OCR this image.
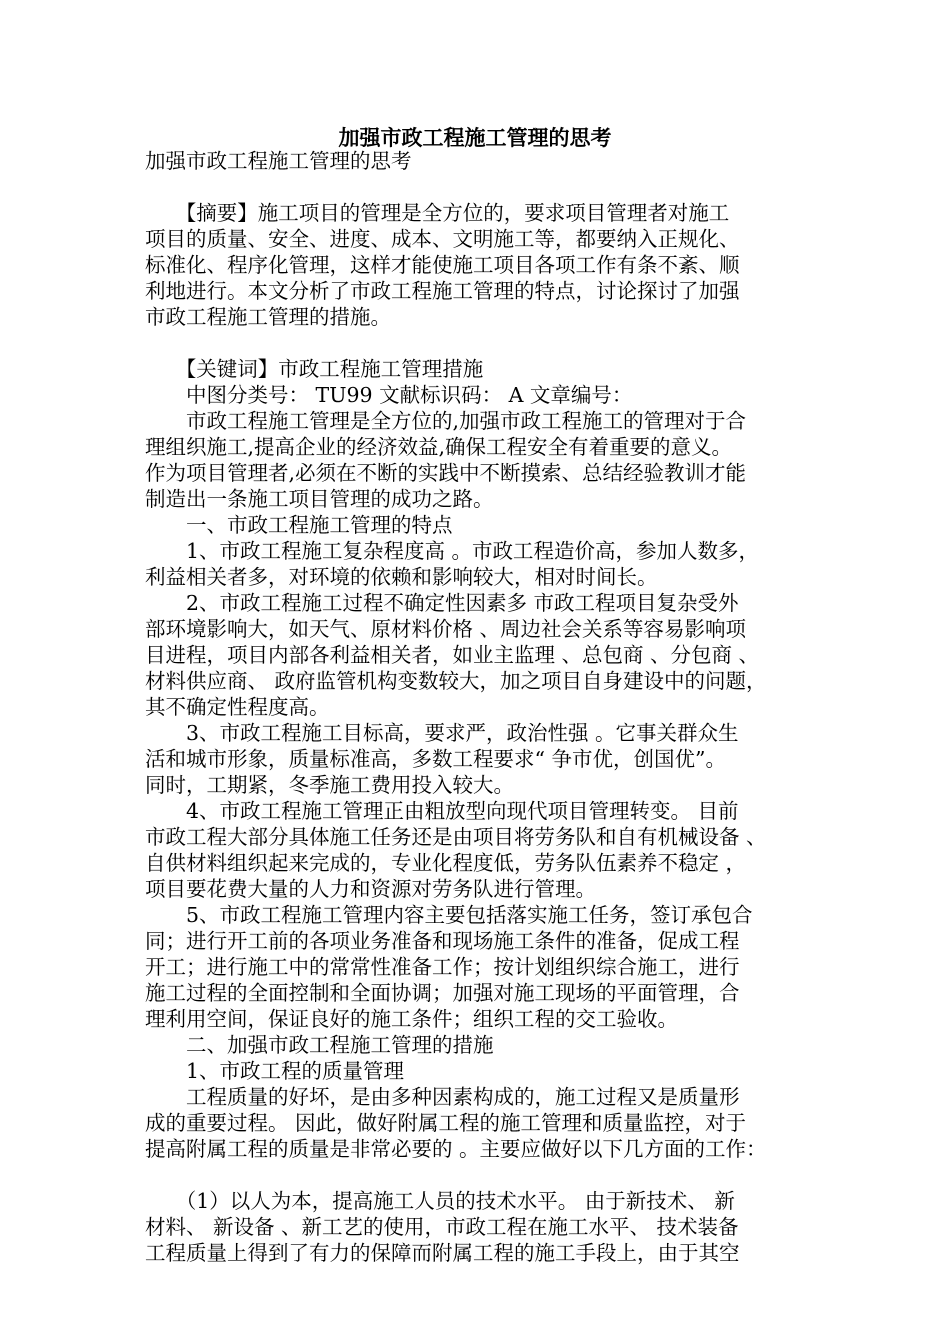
加强市政工程施工管理的思考
加强市政工程施工管理的思考
　　【摘要】施工项目的管理是全方位的，要求项目管理者对施工
项目的质量、安全、进度、成本、文明施工等，都要纳入正规化、
标准化、程序化管理，这样才能使施工项目各项工作有条不紊、顺
利地进行。本文分析了市政工程施工管理的特点，讨论探讨了加强
市政工程施工管理的措施。
　　【关键词】市政工程施工管理措施
　　中图分类号： TU99 文献标识码： A 文章编号：
　　市政工程施工管理是全方位的,加强市政工程施工的管理对于合
理组织施工,提高企业的经济效益,确保工程安全有着重要的意义。
作为项目管理者,必须在不断的实践中不断摸索、总结经验教训才能
制造出一条施工项目管理的成功之路。
　　一、市政工程施工管理的特点
　　1、市政工程施工复杂程度高 。市政工程造价高，参加人数多，
利益相关者多，对环境的依赖和影响较大，相对时间长。
　　2、市政工程施工过程不确定性因素多 市政工程项目复杂受外
部环境影响大，如天气、原材料价格 、周边社会关系等容易影响项
目进程，项目内部各利益相关者，如业主监理 、总包商 、分包商 、
材料供应商、 政府监管机构变数较大，加之项目自身建设中的问题，
其不确定性程度高。
　　3、市政工程施工目标高，要求严，政治性强 。它事关群众生
活和城市形象，质量标准高，多数工程要求“ 争市优，创国优”。
同时，工期紧，冬季施工费用投入较大。
　　4、市政工程施工管理正由粗放型向现代项目管理转变。 目前
市政工程大部分具体施工任务还是由项目将劳务队和自有机械设备 、
自供材料组织起来完成的，专业化程度低，劳务队伍素养不稳定 ，
项目要花费大量的人力和资源对劳务队进行管理。
　　5、市政工程施工管理内容主要包括落实施工任务，签订承包合
同；进行开工前的各项业务准备和现场施工条件的准备，促成工程
开工；进行施工中的常常性准备工作；按计划组织综合施工，进行
施工过程的全面控制和全面协调；加强对施工现场的平面管理，合
理利用空间，保证良好的施工条件；组织工程的交工验收。
　　二、加强市政工程施工管理的措施
　　1、市政工程的质量管理
　　工程质量的好坏，是由多种因素构成的，施工过程又是质量形
成的重要过程。 因此，做好附属工程的施工管理和质量监控，对于
提高附属工程的质量是非常必要的 。主要应做好以下几方面的工作：
　　（1）以人为本，提高施工人员的技术水平。 由于新技术、 新
材料、 新设备 、新工艺的使用，市政工程在施工水平、 技术装备
工程质量上得到了有力的保障而附属工程的施工手段上，由于其空
